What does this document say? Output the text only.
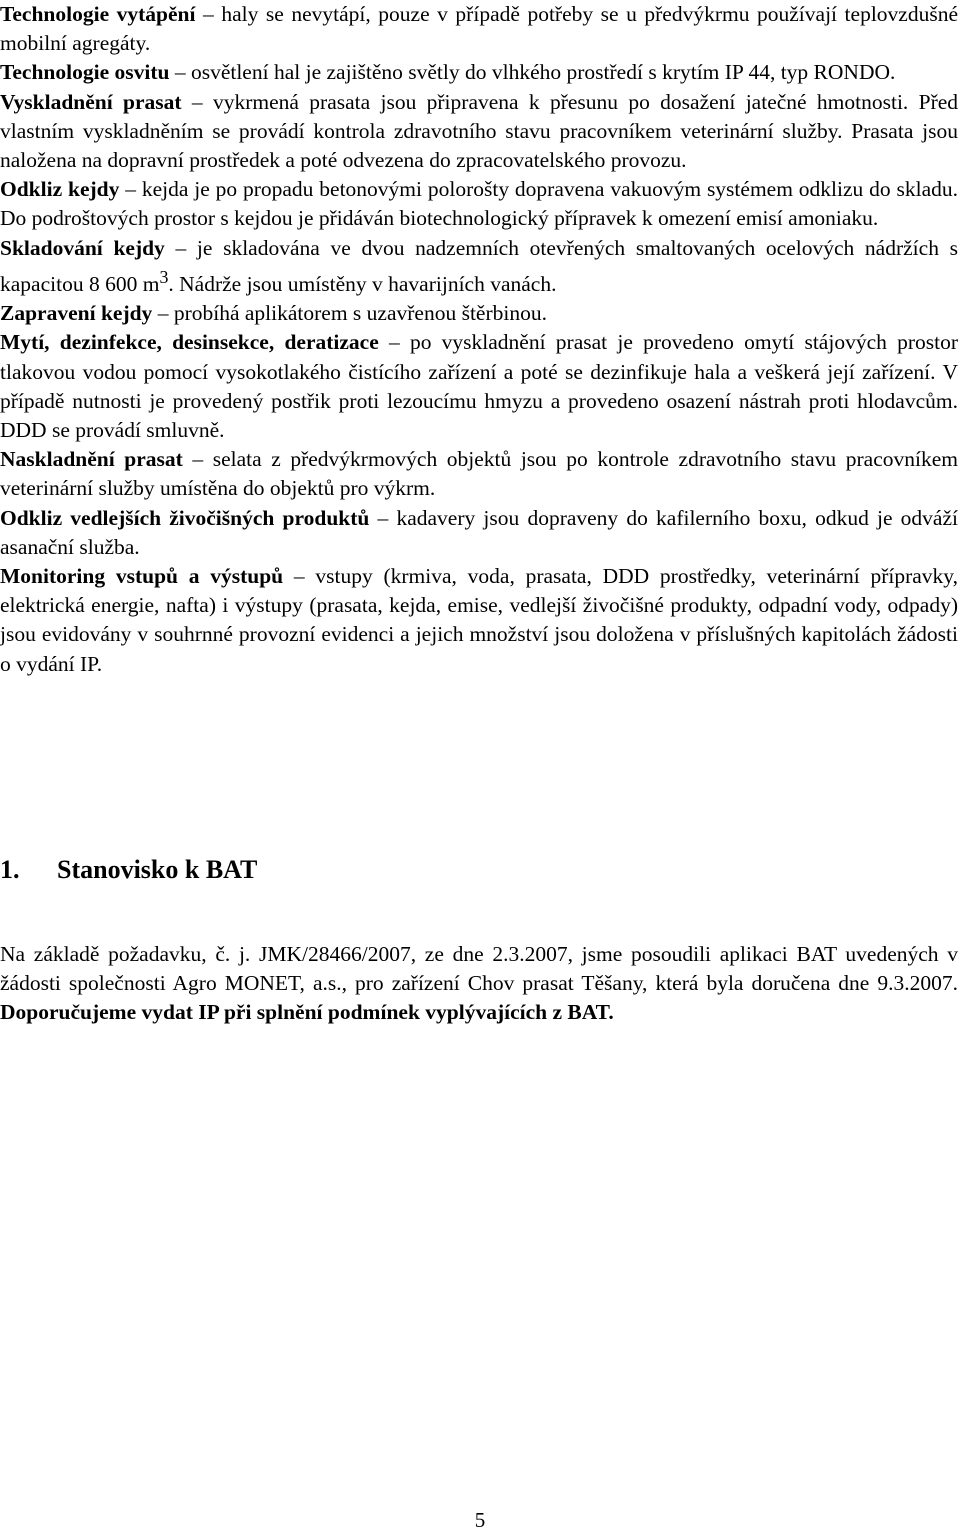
Technologie vytápění – haly se nevytápí, pouze v případě potřeby se u předvýkrmu používají teplovzdušné mobilní agregáty.

Technologie osvitu – osvětlení hal je zajištěno světly do vlhkého prostředí s krytím IP 44, typ RONDO.

Vyskladnění prasat – vykrmená prasata jsou připravena k přesunu po dosažení jatečné hmotnosti. Před vlastním vyskladněním se provádí kontrola zdravotního stavu pracovníkem veterinární služby. Prasata jsou naložena na dopravní prostředek a poté odvezena do zpracovatelského provozu.

Odkliz kejdy – kejda je po propadu betonovými polorošty dopravena vakuovým systémem odklizu do skladu. Do podroštových prostor s kejdou je přidáván biotechnologický přípravek k omezení emisí amoniaku.

Skladování kejdy – je skladována ve dvou nadzemních otevřených smaltovaných ocelových nádržích s kapacitou 8 600 $m^3$. Nádrže jsou umístěny v havarijních vanách.

Zapravení kejdy – probíhá aplikátorem s uzavřenou štěrbinou.

Mytí, dezinfekce, desinsekce, deratizace – po vyskladnění prasat je provedeno omytí stájových prostor tlakovou vodou pomocí vysokotlakého čistícího zařízení a poté se dezinfikuje hala a veškerá její zařízení. V případě nutnosti je provedený postřik proti lezoucímu hmyzu a provedeno osazení nástrah proti hlodavcům. DDD se provádí smluvně.

Naskladnění prasat – selata z předvýkrmových objektů jsou po kontrole zdravotního stavu pracovníkem veterinární služby umístěna do objektů pro výkrm.

Odkliz vedlejších živočišných produktů – kadavery jsou dopraveny do kafilerního boxu, odkud je odváží asanační služba.

Monitoring vstupů a výstupů – vstupy (krmiva, voda, prasata, DDD prostředky, veterinární přípravky, elektrická energie, nafta) i výstupy (prasata, kejda, emise, vedlejší živočišné produkty, odpadní vody, odpady) jsou evidovány v souhrnné provozní evidenci a jejich množství jsou doložena v příslušných kapitolách žádosti o vydání IP.

1. Stanovisko k BAT

Na základě požadavku, č. j. JMK/28466/2007, ze dne 2.3.2007, jsme posoudili aplikaci BAT uvedených v žádosti společnosti Agro MONET, a.s., pro zařízení Chov prasat Těšany, která byla doručena dne 9.3.2007. Doporučujeme vydat IP při splnění podmínek vyplývajících z BAT.

5
